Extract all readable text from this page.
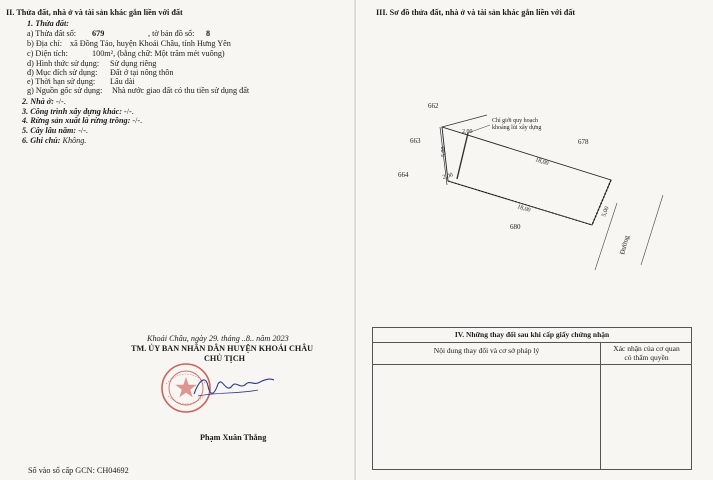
II. Thửa đất, nhà ở và tài sản khác gắn liền với đất
1. Thửa đất:
a) Thửa đất số: 679	, tờ bản đồ số: 8
b) Địa chỉ: xã Đồng Tảo, huyện Khoái Châu, tỉnh Hưng Yên
c) Diện tích:	100m², (bằng chữ: Một trăm mét vuông)
d) Hình thức sử dụng: Sử dụng riêng
đ) Mục đích sử dụng: Đất ở tại nông thôn
e) Thời hạn sử dụng: Lâu dài
g) Nguồn gốc sử dụng: Nhà nước giao đất có thu tiền sử dụng đất
2. Nhà ở: -/-.
3. Công trình xây dựng khác: -/-.
4. Rừng sản xuất là rừng trồng: -/-.
5. Cây lâu năm: -/-.
6. Ghi chú: Không.
Khoái Châu, ngày 29. tháng ..8.. năm 2023
TM. ỦY BAN NHÂN DÂN HUYỆN KHOÁI CHÂU
CHỦ TỊCH
Phạm Xuân Thắng
Số vào sổ cấp GCN: CH04692
III. Sơ đồ thửa đất, nhà ở và tài sản khác gắn liền với đất
662
663
664
678
680
2,00
5,00
18,00
2,00
18,00	5,00
Chỉ giới quy hoạch
khoảng lùi xây dựng
Đường
IV. Những thay đổi sau khi cấp giấy chứng nhận
Nội dung thay đổi và cơ sở pháp lý	Xác nhận của cơ quan
có thẩm quyền
